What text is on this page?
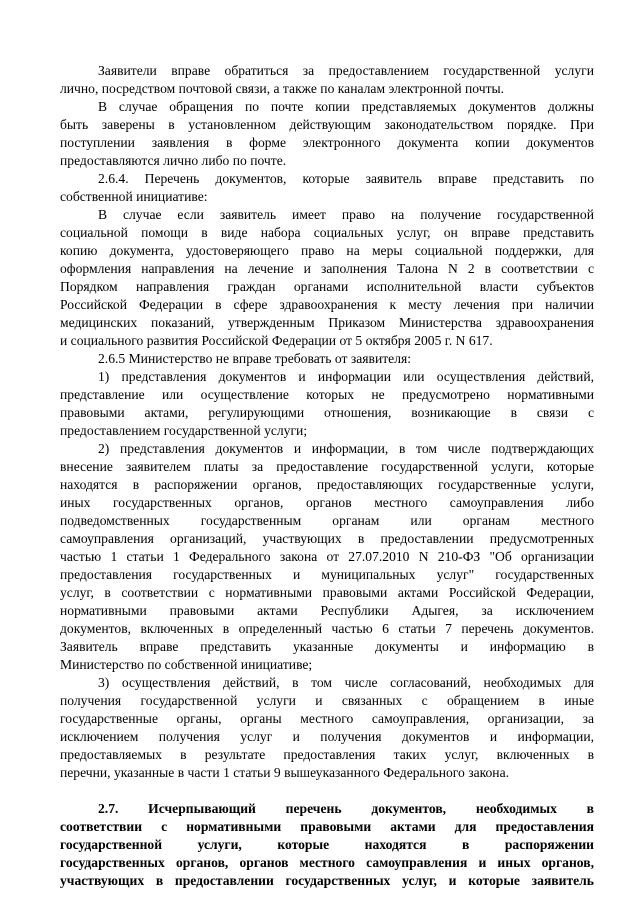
Заявители вправе обратиться за предоставлением государственной услуги
лично, посредством почтовой связи, а также по каналам электронной почты.
В случае обращения по почте копии представляемых документов должны
быть заверены в установленном действующим законодательством порядке. При
поступлении заявления в форме электронного документа копии документов
предоставляются лично либо по почте.
2.6.4. Перечень документов, которые заявитель вправе представить по
собственной инициативе:
В случае если заявитель имеет право на получение государственной
социальной помощи в виде набора социальных услуг, он вправе представить
копию документа, удостоверяющего право на меры социальной поддержки, для
оформления направления на лечение и заполнения Талона N 2 в соответствии с
Порядком направления граждан органами исполнительной власти субъектов
Российской Федерации в сфере здравоохранения к месту лечения при наличии
медицинских показаний, утвержденным Приказом Министерства здравоохранения
и социального развития Российской Федерации от 5 октября 2005 г. N 617.
2.6.5 Министерство не вправе требовать от заявителя:
1) представления документов и информации или осуществления действий,
представление или осуществление которых не предусмотрено нормативными
правовыми актами, регулирующими отношения, возникающие в связи с
предоставлением государственной услуги;
2) представления документов и информации, в том числе подтверждающих
внесение заявителем платы за предоставление государственной услуги, которые
находятся в распоряжении органов, предоставляющих государственные услуги,
иных государственных органов, органов местного самоуправления либо
подведомственных государственным органам или органам местного
самоуправления организаций, участвующих в предоставлении предусмотренных
частью 1 статьи 1 Федерального закона от 27.07.2010 N 210-ФЗ "Об организации
предоставления государственных и муниципальных услуг" государственных
услуг, в соответствии с нормативными правовыми актами Российской Федерации,
нормативными правовыми актами Республики Адыгея, за исключением
документов, включенных в определенный частью 6 статьи 7 перечень документов.
Заявитель вправе представить указанные документы и информацию в
Министерство по собственной инициативе;
3) осуществления действий, в том числе согласований, необходимых для
получения государственной услуги и связанных с обращением в иные
государственные органы, органы местного самоуправления, организации, за
исключением получения услуг и получения документов и информации,
предоставляемых в результате предоставления таких услуг, включенных в
перечни, указанные в части 1 статьи 9 вышеуказанного Федерального закона.
2.7. Исчерпывающий перечень документов, необходимых в
соответствии с нормативными правовыми актами для предоставления
государственной услуги, которые находятся в распоряжении
государственных органов, органов местного самоуправления и иных органов,
участвующих в предоставлении государственных услуг, и которые заявитель
